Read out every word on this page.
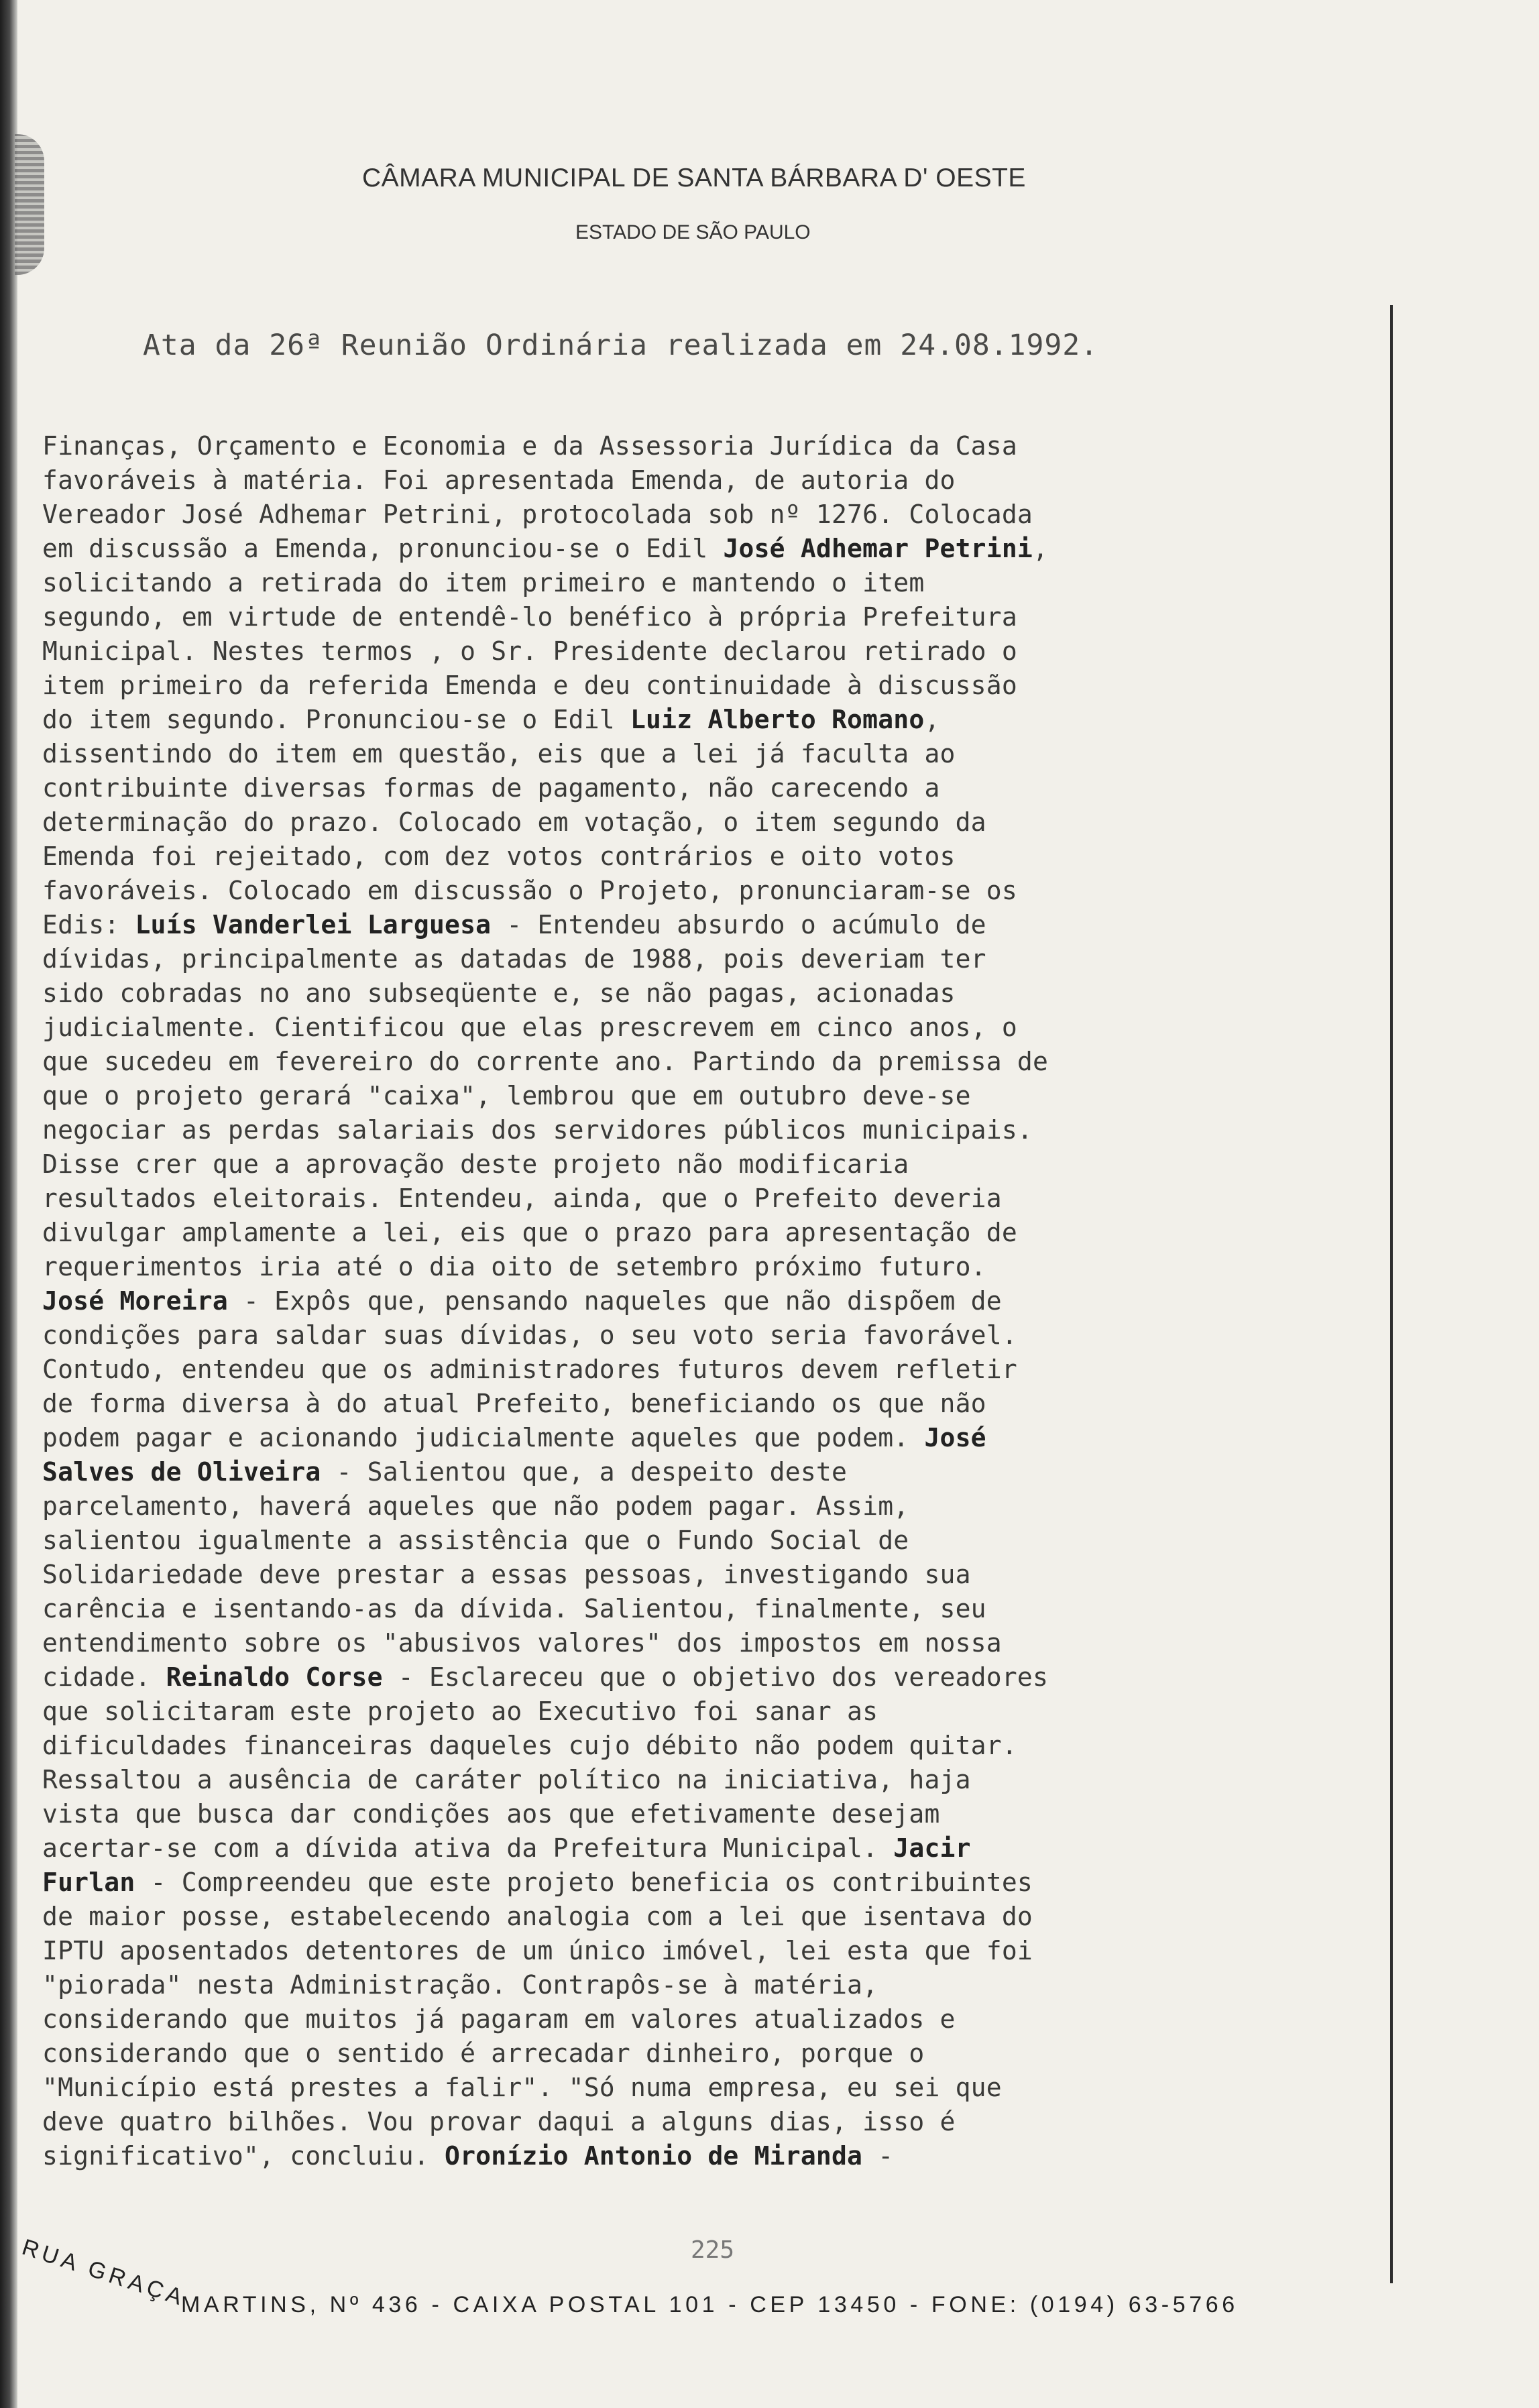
CÂMARA MUNICIPAL DE SANTA BÁRBARA D' OESTE
ESTADO DE SÃO PAULO
Ata da 26ª Reunião Ordinária realizada em 24.08.1992.
Finanças, Orçamento e Economia e da Assessoria Jurídica da Casa
favoráveis à matéria. Foi apresentada Emenda, de autoria do
Vereador José Adhemar Petrini, protocolada sob nº 1276. Colocada
em discussão a Emenda, pronunciou-se o Edil José Adhemar Petrini,
solicitando a retirada do item primeiro e mantendo o item
segundo, em virtude de entendê-lo benéfico à própria Prefeitura
Municipal. Nestes termos , o Sr. Presidente declarou retirado o
item primeiro da referida Emenda e deu continuidade à discussão
do item segundo. Pronunciou-se o Edil Luiz Alberto Romano,
dissentindo do item em questão, eis que a lei já faculta ao
contribuinte diversas formas de pagamento, não carecendo a
determinação do prazo. Colocado em votação, o item segundo da
Emenda foi rejeitado, com dez votos contrários e oito votos
favoráveis. Colocado em discussão o Projeto, pronunciaram-se os
Edis: Luís Vanderlei Larguesa - Entendeu absurdo o acúmulo de
dívidas, principalmente as datadas de 1988, pois deveriam ter
sido cobradas no ano subseqüente e, se não pagas, acionadas
judicialmente. Cientificou que elas prescrevem em cinco anos, o
que sucedeu em fevereiro do corrente ano. Partindo da premissa de
que o projeto gerará "caixa", lembrou que em outubro deve-se
negociar as perdas salariais dos servidores públicos municipais.
Disse crer que a aprovação deste projeto não modificaria
resultados eleitorais. Entendeu, ainda, que o Prefeito deveria
divulgar amplamente a lei, eis que o prazo para apresentação de
requerimentos iria até o dia oito de setembro próximo futuro.
José Moreira - Expôs que, pensando naqueles que não dispõem de
condições para saldar suas dívidas, o seu voto seria favorável.
Contudo, entendeu que os administradores futuros devem refletir
de forma diversa à do atual Prefeito, beneficiando os que não
podem pagar e acionando judicialmente aqueles que podem. José
Salves de Oliveira - Salientou que, a despeito deste
parcelamento, haverá aqueles que não podem pagar. Assim,
salientou igualmente a assistência que o Fundo Social de
Solidariedade deve prestar a essas pessoas, investigando sua
carência e isentando-as da dívida. Salientou, finalmente, seu
entendimento sobre os "abusivos valores" dos impostos em nossa
cidade. Reinaldo Corse - Esclareceu que o objetivo dos vereadores
que solicitaram este projeto ao Executivo foi sanar as
dificuldades financeiras daqueles cujo débito não podem quitar.
Ressaltou a ausência de caráter político na iniciativa, haja
vista que busca dar condições aos que efetivamente desejam
acertar-se com a dívida ativa da Prefeitura Municipal. Jacir
Furlan - Compreendeu que este projeto beneficia os contribuintes
de maior posse, estabelecendo analogia com a lei que isentava do
IPTU aposentados detentores de um único imóvel, lei esta que foi
"piorada" nesta Administração. Contrapôs-se à matéria,
considerando que muitos já pagaram em valores atualizados e
considerando que o sentido é arrecadar dinheiro, porque o
"Município está prestes a falir". "Só numa empresa, eu sei que
deve quatro bilhões. Vou provar daqui a alguns dias, isso é
significativo", concluiu. Oronízio Antonio de Miranda -
225
RUA GRAÇA
MARTINS, Nº 436 - CAIXA POSTAL 101 - CEP 13450 - FONE: (0194) 63-5766
